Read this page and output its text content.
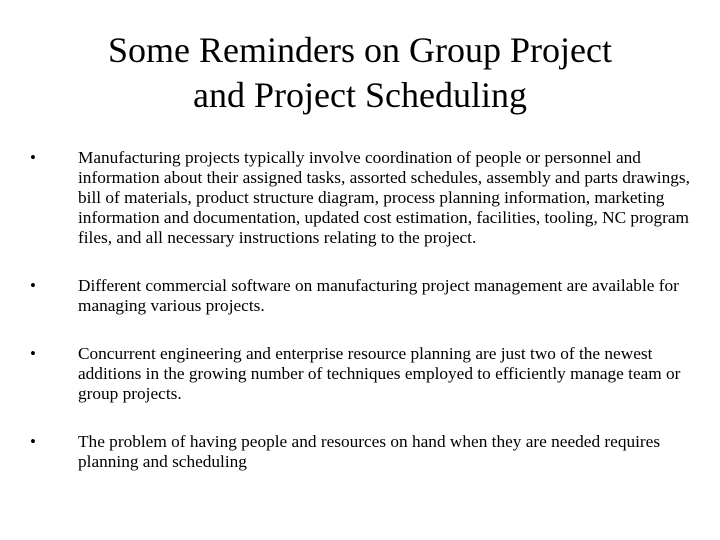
Some Reminders on Group Project
and Project Scheduling
•	Manufacturing projects typically involve coordination of people or personnel and information about their assigned tasks, assorted schedules, assembly and parts drawings, bill of materials, product structure diagram, process planning information, marketing information and documentation, updated cost estimation, facilities, tooling, NC program files, and all necessary instructions relating to the project.
•	Different commercial software on manufacturing project management are available for managing various projects.
•	Concurrent engineering and enterprise resource planning are just two of the newest additions in the growing number of techniques employed to efficiently manage team or group projects.
•	The problem of having people and resources on hand when they are needed requires planning and scheduling
